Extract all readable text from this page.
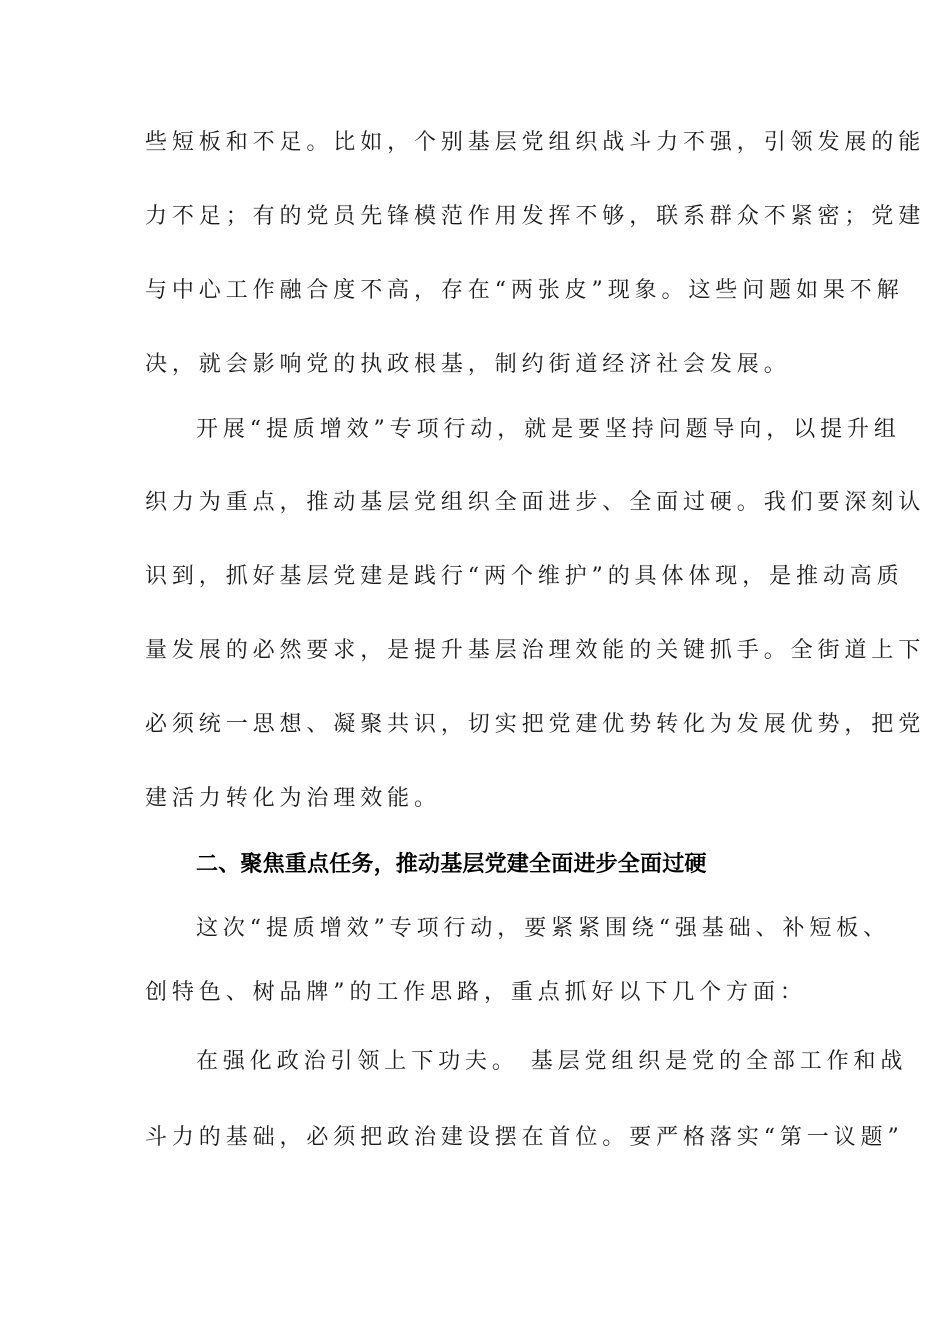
些短板和不足。比如，个别基层党组织战斗力不强，引领发展的能
力不足；有的党员先锋模范作用发挥不够，联系群众不紧密；党建
与中心工作融合度不高，存在“两张皮”现象。这些问题如果不解
决，就会影响党的执政根基，制约街道经济社会发展。
开展“提质增效”专项行动，就是要坚持问题导向，以提升组
织力为重点，推动基层党组织全面进步、全面过硬。我们要深刻认
识到，抓好基层党建是践行“两个维护”的具体体现，是推动高质
量发展的必然要求，是提升基层治理效能的关键抓手。全街道上下
必须统一思想、凝聚共识，切实把党建优势转化为发展优势，把党
建活力转化为治理效能。
二、聚焦重点任务，推动基层党建全面进步全面过硬
这次“提质增效”专项行动，要紧紧围绕“强基础、补短板、
创特色、树品牌”的工作思路，重点抓好以下几个方面：
在强化政治引领上下功夫。 基层党组织是党的全部工作和战
斗力的基础，必须把政治建设摆在首位。要严格落实“第一议题”
